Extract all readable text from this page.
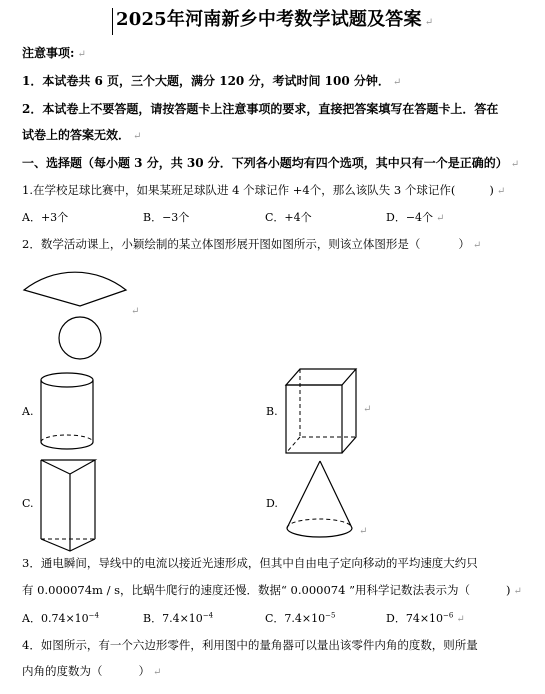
2025年河南新乡中考数学试题及答案 ↵
注意事项: ↵
1．本试卷共 6 页，三个大题，满分 120 分，考试时间 100 分钟． ↵
2．本试卷上不要答题，请按答题卡上注意事项的要求，直接把答案填写在答题卡上．答在
试卷上的答案无效． ↵
一、选择题（每小题 3 分，共 30 分．下列各小题均有四个选项，其中只有一个是正确的） ↵
1.在学校足球比赛中，如果某班足球队进 4 个球记作 +4个，那么该队失 3 个球记作(	) ↵
A．+3个	B．−3个	C．+4个	D．−4个 ↵
2．数学活动课上，小颖绘制的某立体图形展开图如图所示，则该立体图形是（	） ↵
↵
A.	B.	↵
C.	D.
↵
3．通电瞬间，导线中的电流以接近光速形成，但其中自由电子定向移动的平均速度大约只
有 0.000074m / s，比蜗牛爬行的速度还慢．数据“ 0.000074 ”用科学记数法表示为（	) ↵
A．$0.74\times 10^{-4}$	B．$7.4\times 10^{-4}$	C．$7.4\times 10^{-5}$	D．$74\times 10^{-6}$ ↵
4．如图所示，有一个六边形零件，利用图中的量角器可以量出该零件内角的度数，则所量
内角的度数为（	） ↵
